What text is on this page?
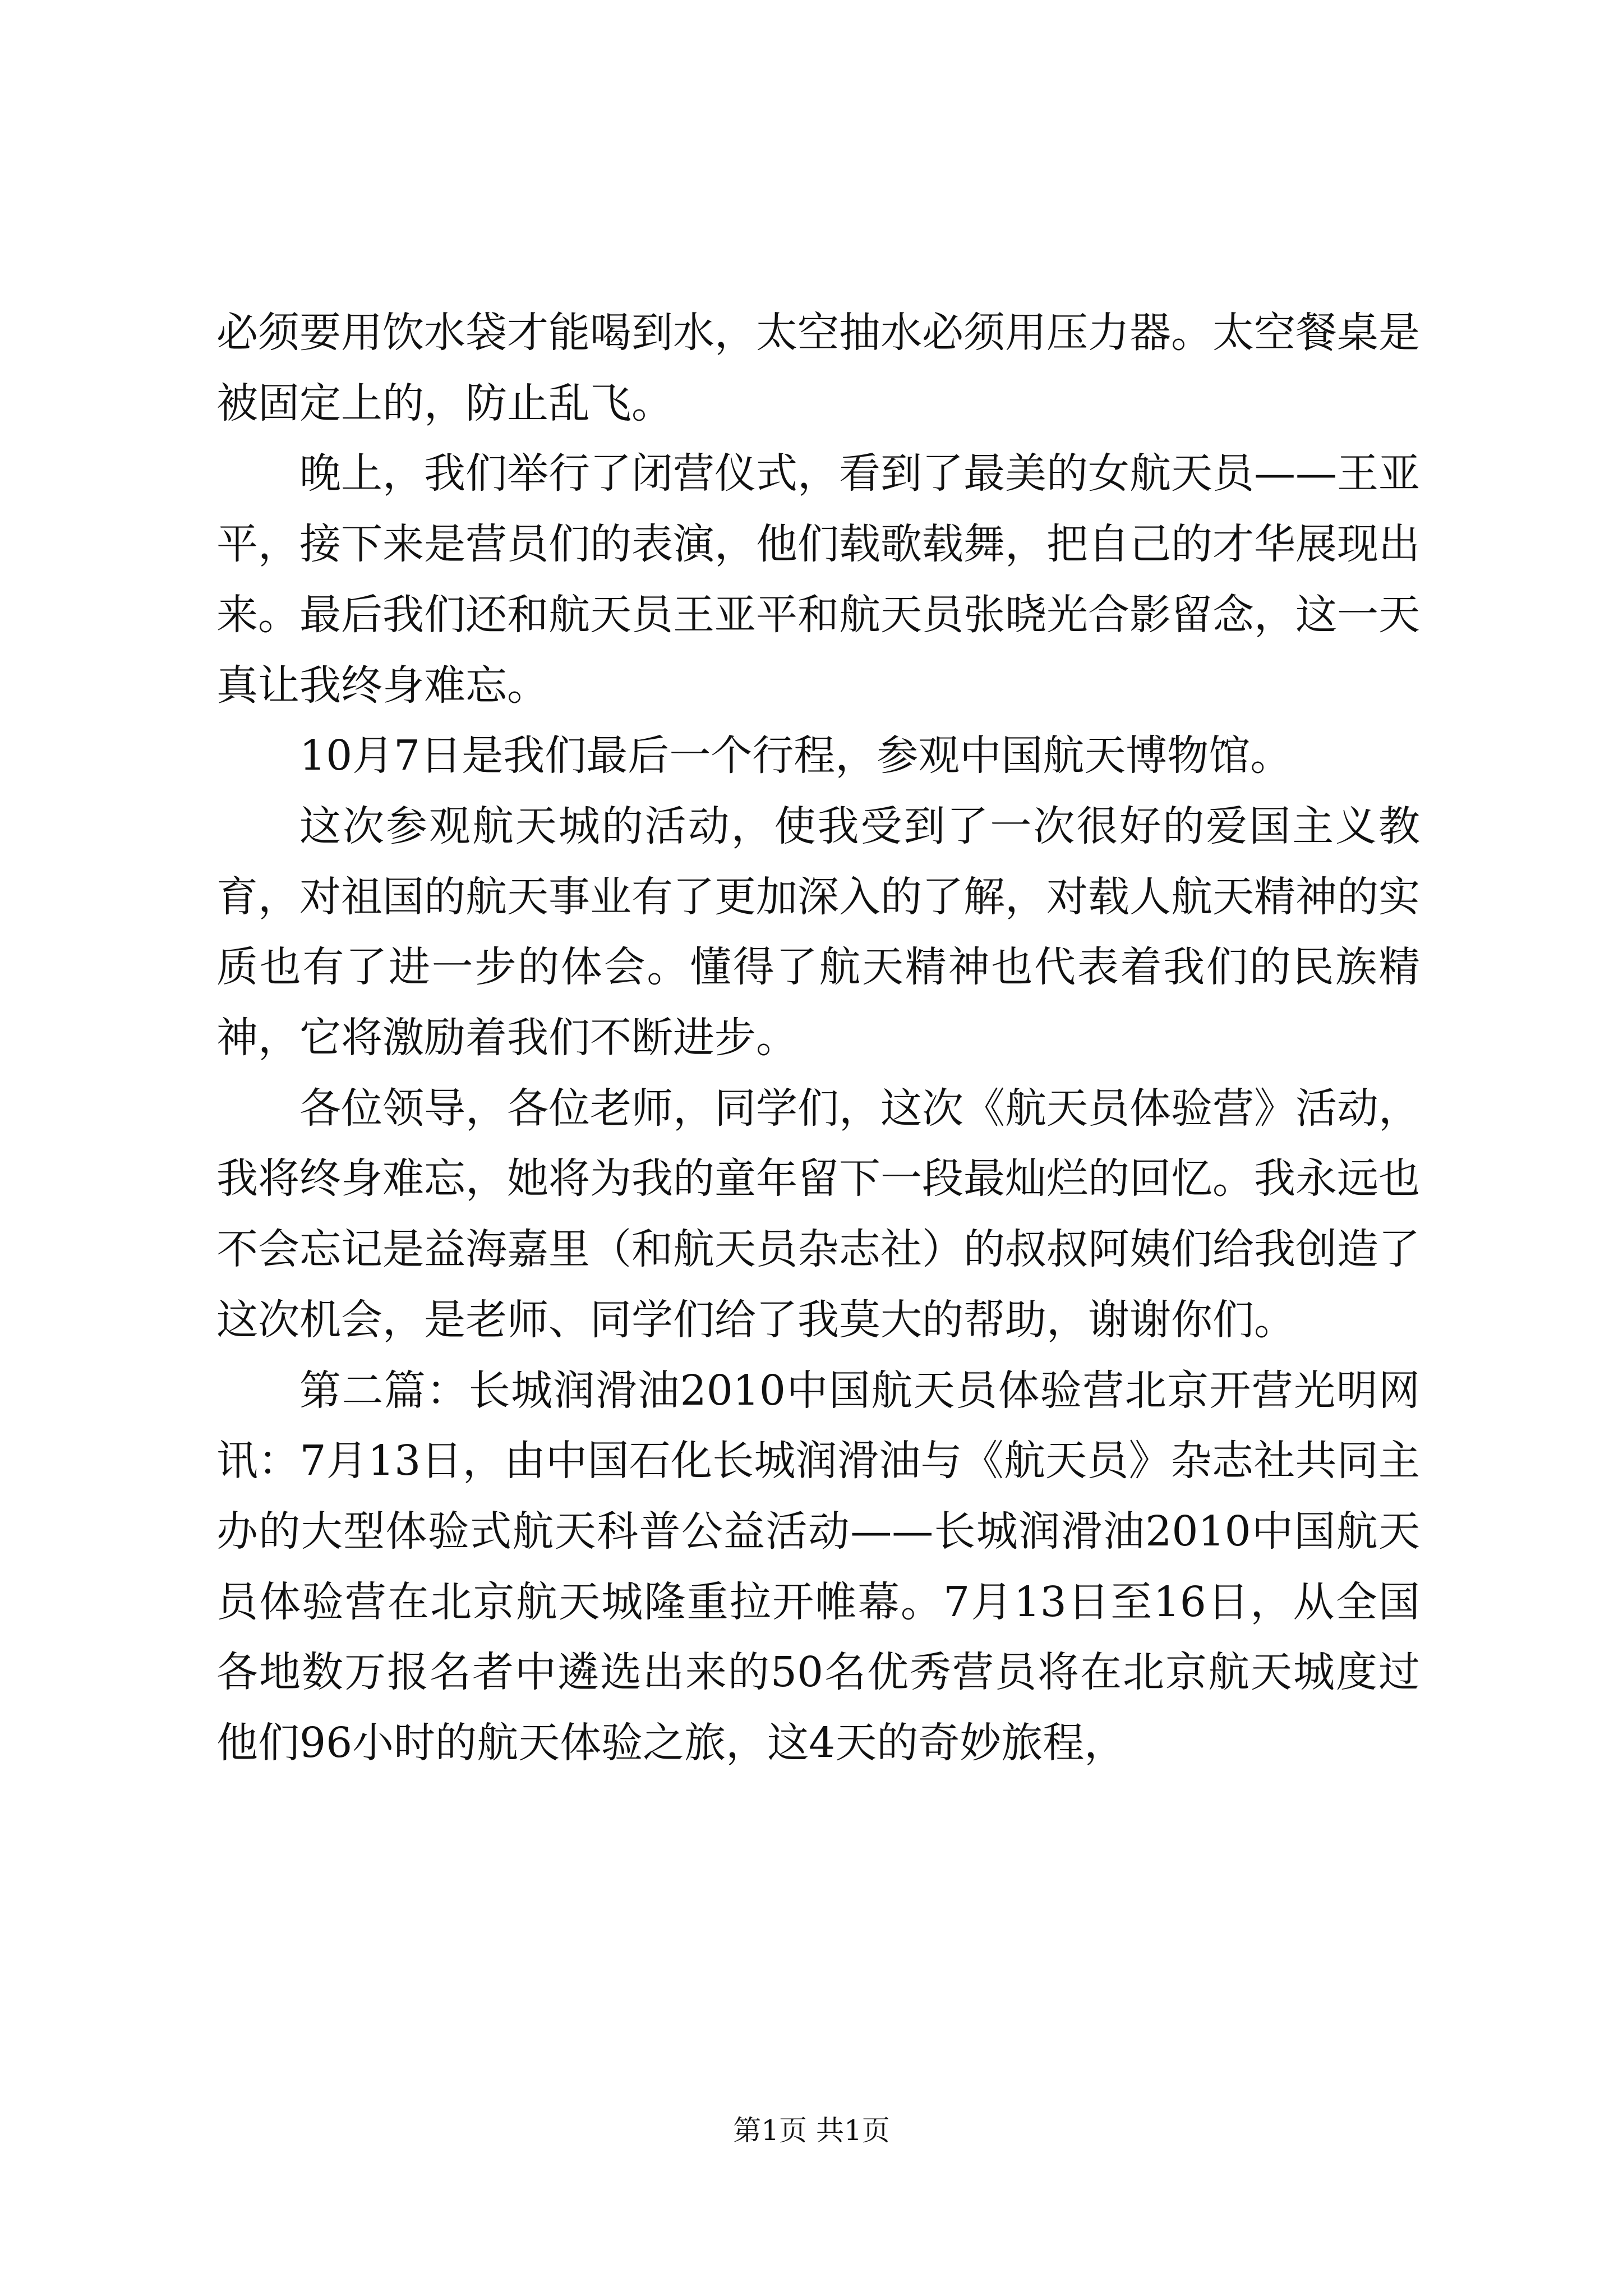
必须要用饮水袋才能喝到水，太空抽水必须用压力器。太空餐桌是被固定上的，防止乱飞。

晚上，我们举行了闭营仪式，看到了最美的女航天员——王亚平，接下来是营员们的表演，他们载歌载舞，把自己的才华展现出来。最后我们还和航天员王亚平和航天员张晓光合影留念，这一天真让我终身难忘。

10月7日是我们最后一个行程，参观中国航天博物馆。

这次参观航天城的活动，使我受到了一次很好的爱国主义教育，对祖国的航天事业有了更加深入的了解，对载人航天精神的实质也有了进一步的体会。懂得了航天精神也代表着我们的民族精神，它将激励着我们不断进步。

各位领导，各位老师，同学们，这次《航天员体验营》活动，我将终身难忘，她将为我的童年留下一段最灿烂的回忆。我永远也不会忘记是益海嘉里（和航天员杂志社）的叔叔阿姨们给我创造了这次机会，是老师、同学们给了我莫大的帮助，谢谢你们。

第二篇：长城润滑油2010中国航天员体验营北京开营光明网讯：7月13日，由中国石化长城润滑油与《航天员》杂志社共同主办的大型体验式航天科普公益活动——长城润滑油2010中国航天员体验营在北京航天城隆重拉开帷幕。7月13日至16日，从全国各地数万报名者中遴选出来的50名优秀营员将在北京航天城度过他们96小时的航天体验之旅，这4天的奇妙旅程，

第1页 共1页
